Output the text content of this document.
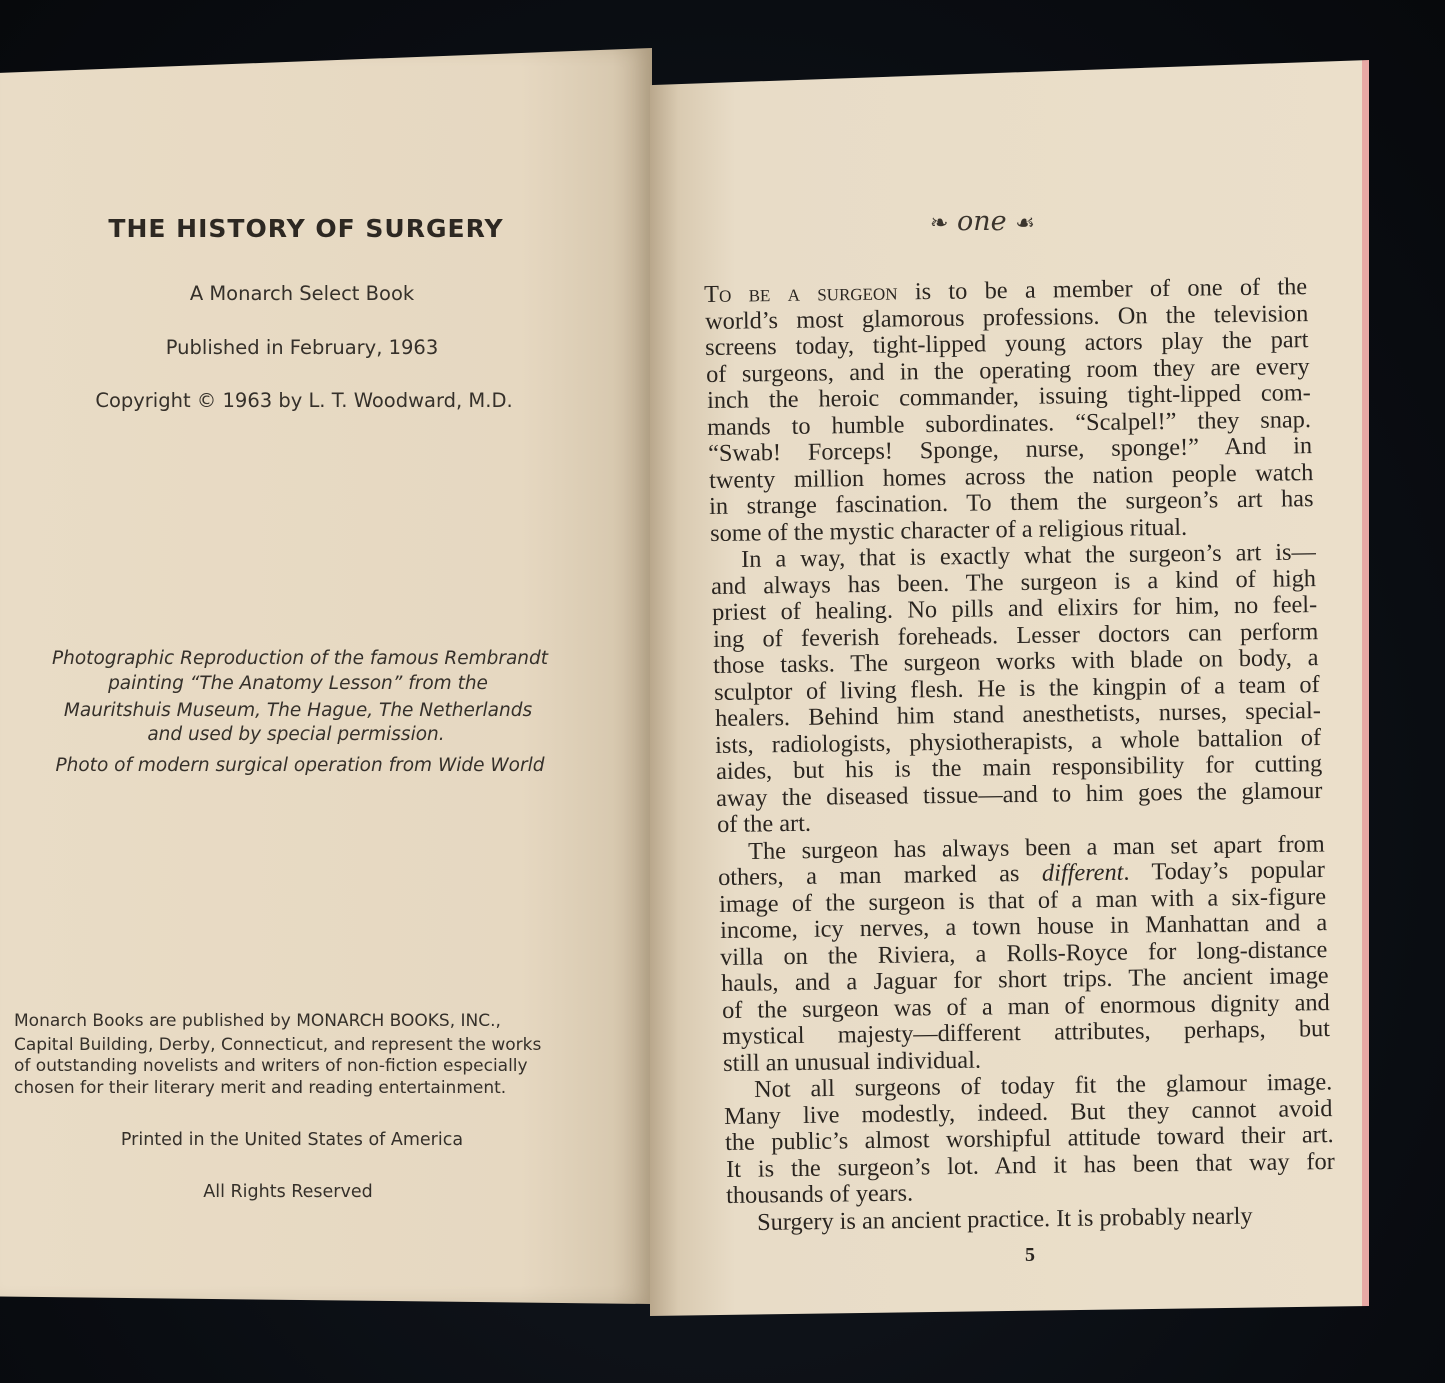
THE HISTORY OF SURGERY
A Monarch Select Book
Published in February, 1963
Copyright © 1963 by L. T. Woodward, M.D.
Photographic Reproduction of the famous Rembrandt
painting “The Anatomy Lesson” from the
Mauritshuis Museum, The Hague, The Netherlands
and used by special permission.
Photo of modern surgical operation from Wide World
Monarch Books are published by MONARCH BOOKS, INC.,
Capital Building, Derby, Connecticut, and represent the works
of outstanding novelists and writers of non-fiction especially
chosen for their literary merit and reading entertainment.
Printed in the United States of America
All Rights Reserved
❧ one ☙
To be a surgeon is to be a member of one of the
world’s most glamorous professions. On the television
screens today, tight-lipped young actors play the part
of surgeons, and in the operating room they are every
inch the heroic commander, issuing tight-lipped com-
mands to humble subordinates. “Scalpel!” they snap.
“Swab! Forceps! Sponge, nurse, sponge!” And in
twenty million homes across the nation people watch
in strange fascination. To them the surgeon’s art has
some of the mystic character of a religious ritual.
In a way, that is exactly what the surgeon’s art is—
and always has been. The surgeon is a kind of high
priest of healing. No pills and elixirs for him, no feel-
ing of feverish foreheads. Lesser doctors can perform
those tasks. The surgeon works with blade on body, a
sculptor of living flesh. He is the kingpin of a team of
healers. Behind him stand anesthetists, nurses, special-
ists, radiologists, physiotherapists, a whole battalion of
aides, but his is the main responsibility for cutting
away the diseased tissue—and to him goes the glamour
of the art.
The surgeon has always been a man set apart from
others, a man marked as different. Today’s popular
image of the surgeon is that of a man with a six-figure
income, icy nerves, a town house in Manhattan and a
villa on the Riviera, a Rolls-Royce for long-distance
hauls, and a Jaguar for short trips. The ancient image
of the surgeon was of a man of enormous dignity and
mystical majesty—different attributes, perhaps, but
still an unusual individual.
Not all surgeons of today fit the glamour image.
Many live modestly, indeed. But they cannot avoid
the public’s almost worshipful attitude toward their art.
It is the surgeon’s lot. And it has been that way for
thousands of years.
Surgery is an ancient practice. It is probably nearly
5
